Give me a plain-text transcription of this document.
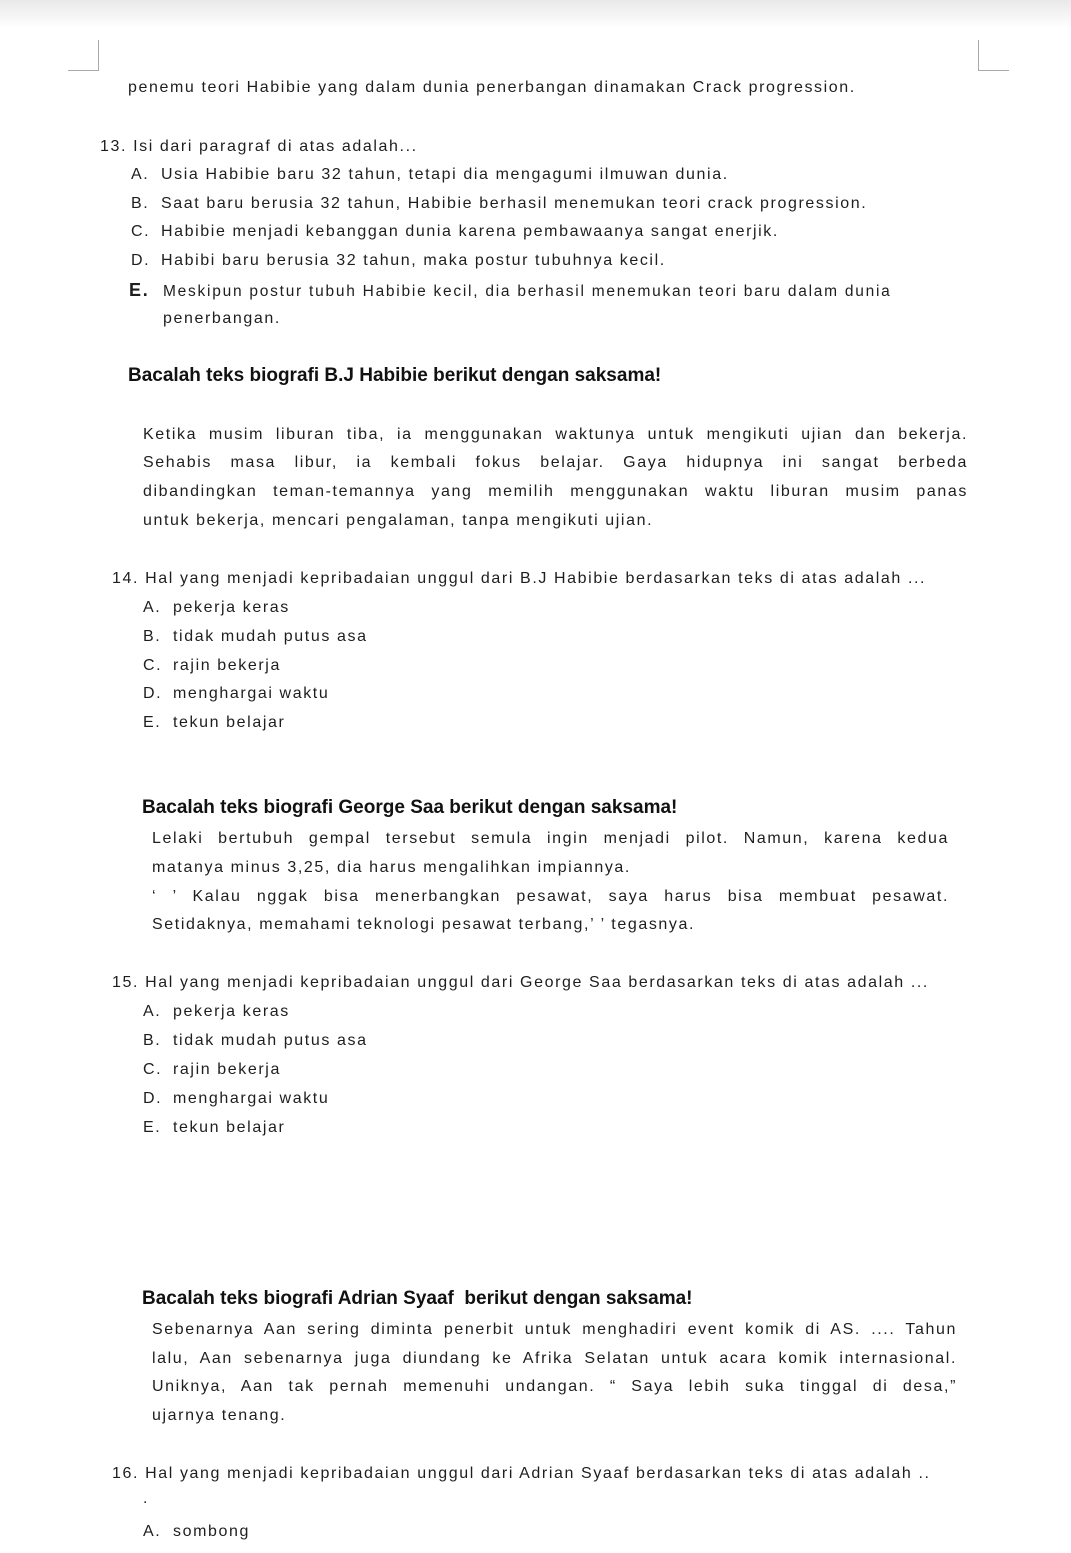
penemu teori Habibie yang dalam dunia penerbangan dinamakan Crack progression.
13. Isi dari paragraf di atas adalah...
A. Usia Habibie baru 32 tahun, tetapi dia mengagumi ilmuwan dunia.
B. Saat baru berusia 32 tahun, Habibie berhasil menemukan teori crack progression.
C. Habibie menjadi kebanggan dunia karena pembawaanya sangat enerjik.
D. Habibi baru berusia 32 tahun, maka postur tubuhnya kecil.
E. Meskipun postur tubuh Habibie kecil, dia berhasil menemukan teori baru dalam dunia
penerbangan.
Bacalah teks biografi B.J Habibie berikut dengan saksama!
Ketika musim liburan tiba, ia menggunakan waktunya untuk mengikuti ujian dan bekerja.
Sehabis masa libur, ia kembali fokus belajar. Gaya hidupnya ini sangat berbeda
dibandingkan teman-temannya yang memilih menggunakan waktu liburan musim panas
untuk bekerja, mencari pengalaman, tanpa mengikuti ujian.
14. Hal yang menjadi kepribadaian unggul dari B.J Habibie berdasarkan teks di atas adalah ...
A. pekerja keras
B. tidak mudah putus asa
C. rajin bekerja
D. menghargai waktu
E. tekun belajar
Bacalah teks biografi George Saa berikut dengan saksama!
Lelaki bertubuh gempal tersebut semula ingin menjadi pilot. Namun, karena kedua
matanya minus 3,25, dia harus mengalihkan impiannya.
‘ ’ Kalau nggak bisa menerbangkan pesawat, saya harus bisa membuat pesawat.
Setidaknya, memahami teknologi pesawat terbang,’ ’ tegasnya.
15. Hal yang menjadi kepribadaian unggul dari George Saa berdasarkan teks di atas adalah ...
A. pekerja keras
B. tidak mudah putus asa
C. rajin bekerja
D. menghargai waktu
E. tekun belajar
Bacalah teks biografi Adrian Syaaf  berikut dengan saksama!
Sebenarnya Aan sering diminta penerbit untuk menghadiri event komik di AS. .... Tahun
lalu, Aan sebenarnya juga diundang ke Afrika Selatan untuk acara komik internasional.
Uniknya, Aan tak pernah memenuhi undangan. “ Saya lebih suka tinggal di desa,”
ujarnya tenang.
16. Hal yang menjadi kepribadaian unggul dari Adrian Syaaf berdasarkan teks di atas adalah ..
.
A. sombong
